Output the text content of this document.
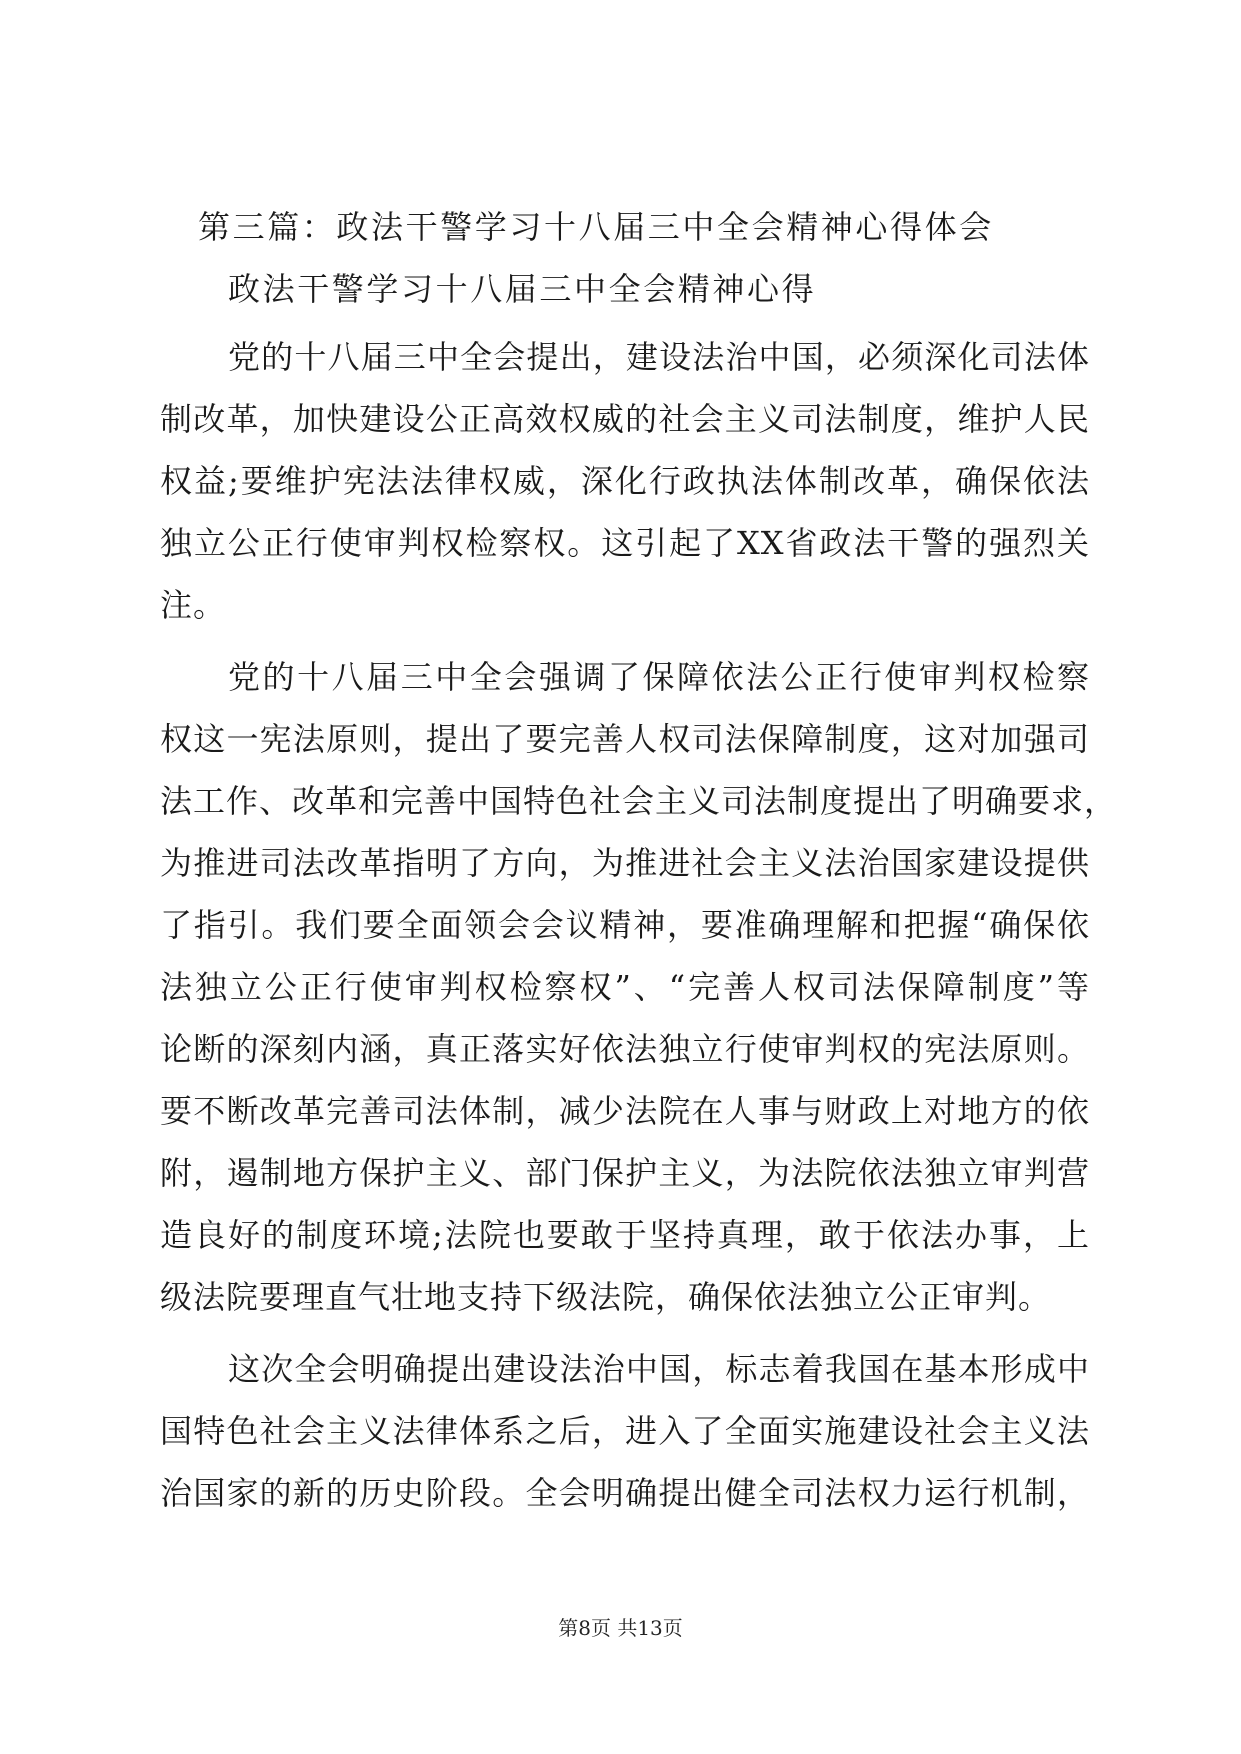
第三篇：政法干警学习十八届三中全会精神心得体会
政法干警学习十八届三中全会精神心得
党的十八届三中全会提出，建设法治中国，必须深化司法体
制改革，加快建设公正高效权威的社会主义司法制度，维护人民
权益;要维护宪法法律权威，深化行政执法体制改革，确保依法
独立公正行使审判权检察权。这引起了XX省政法干警的强烈关
注。
党的十八届三中全会强调了保障依法公正行使审判权检察
权这一宪法原则，提出了要完善人权司法保障制度，这对加强司
法工作、改革和完善中国特色社会主义司法制度提出了明确要求，
为推进司法改革指明了方向，为推进社会主义法治国家建设提供
了指引。我们要全面领会会议精神，要准确理解和把握“确保依
法独立公正行使审判权检察权”、“完善人权司法保障制度”等
论断的深刻内涵，真正落实好依法独立行使审判权的宪法原则。
要不断改革完善司法体制，减少法院在人事与财政上对地方的依
附，遏制地方保护主义、部门保护主义，为法院依法独立审判营
造良好的制度环境;法院也要敢于坚持真理，敢于依法办事，上
级法院要理直气壮地支持下级法院，确保依法独立公正审判。
这次全会明确提出建设法治中国，标志着我国在基本形成中
国特色社会主义法律体系之后，进入了全面实施建设社会主义法
治国家的新的历史阶段。全会明确提出健全司法权力运行机制，
第8页 共13页
